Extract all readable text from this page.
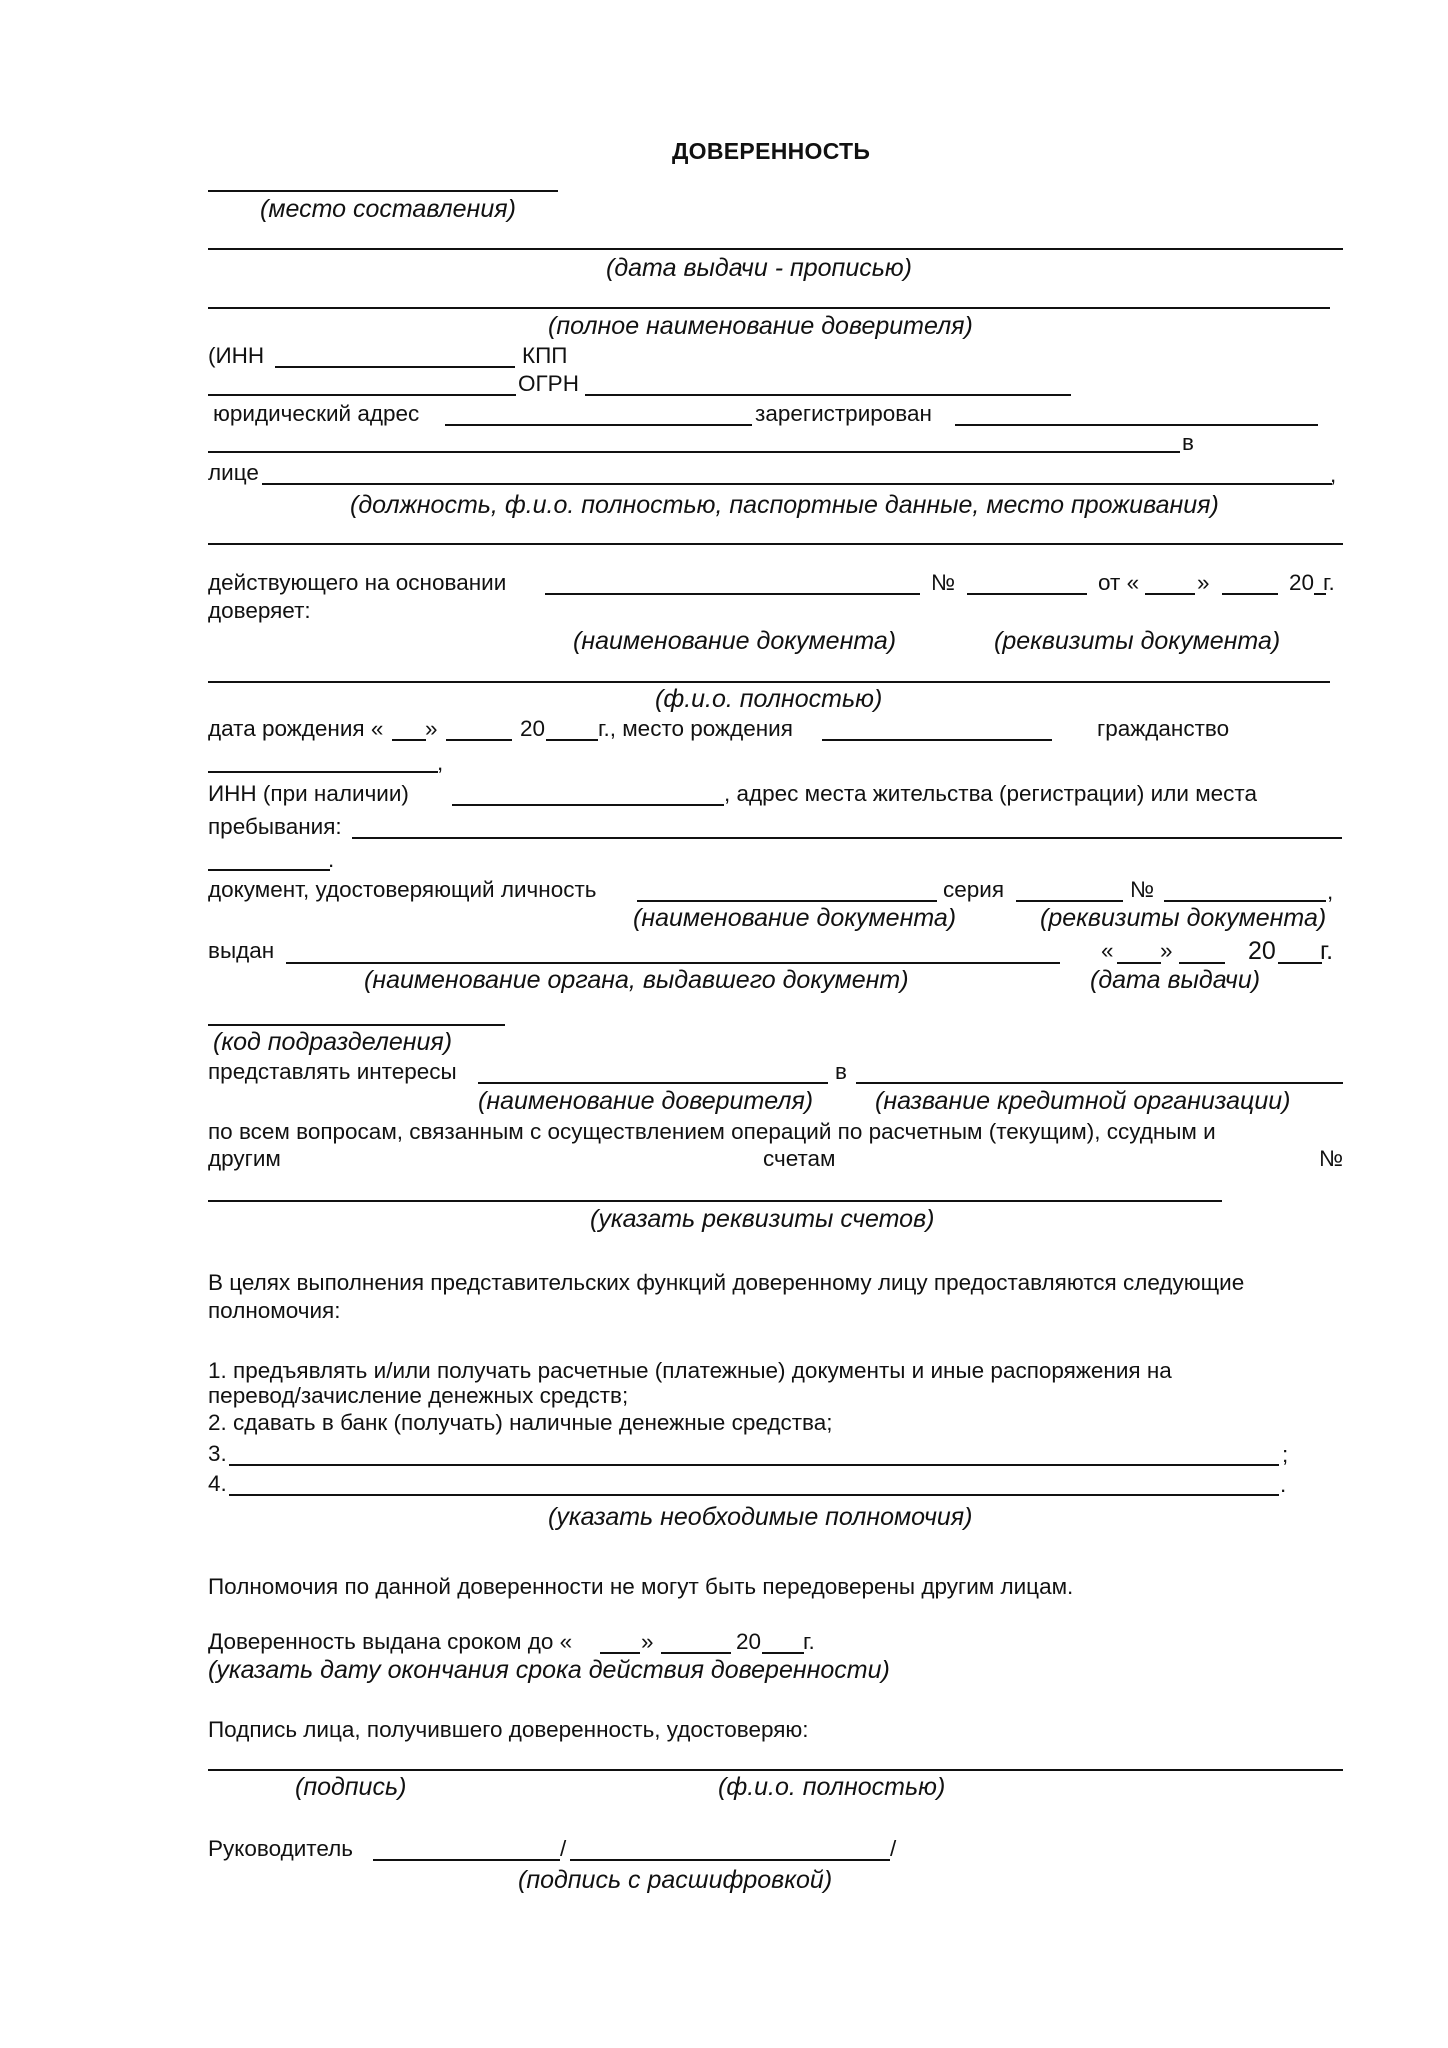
ДОВЕРЕННОСТЬ
(место составления)
(дата выдачи - прописью)
(полное наименование доверителя)
(ИНН	КПП
ОГРН
юридический адрес	зарегистрирован
в
лице	,
(должность, ф.и.о. полностью, паспортные данные, место проживания)
действующего на основании	№	от «	»	20 г.
доверяет:
(наименование документа)	(реквизиты документа)
(ф.и.о. полностью)
дата рождения « »	20 г., место рождения	гражданство
,
ИНН (при наличии)	, адрес места жительства (регистрации) или места
пребывания:
.
документ, удостоверяющий личность	серия	№	,
(наименование документа)	(реквизиты документа)
выдан	« »	20 г.
(наименование органа, выдавшего документ)	(дата выдачи)
(код подразделения)
представлять интересы	в
(наименование доверителя) (название кредитной организации)
по всем вопросам, связанным с осуществлением операций по расчетным (текущим), ссудным и
другим	счетам	№
(указать реквизиты счетов)
В целях выполнения представительских функций доверенному лицу предоставляются следующие
полномочия:
1. предъявлять и/или получать расчетные (платежные) документы и иные распоряжения на
перевод/зачисление денежных средств;
2. сдавать в банк (получать) наличные денежные средства;
3.	;
4.	.
(указать необходимые полномочия)
Полномочия по данной доверенности не могут быть передоверены другим лицам.
Доверенность выдана сроком до «	»	20 г.
(указать дату окончания срока действия доверенности)
Подпись лица, получившего доверенность, удостоверяю:
(подпись)	(ф.и.о. полностью)
Руководитель	/	/
(подпись с расшифровкой)
